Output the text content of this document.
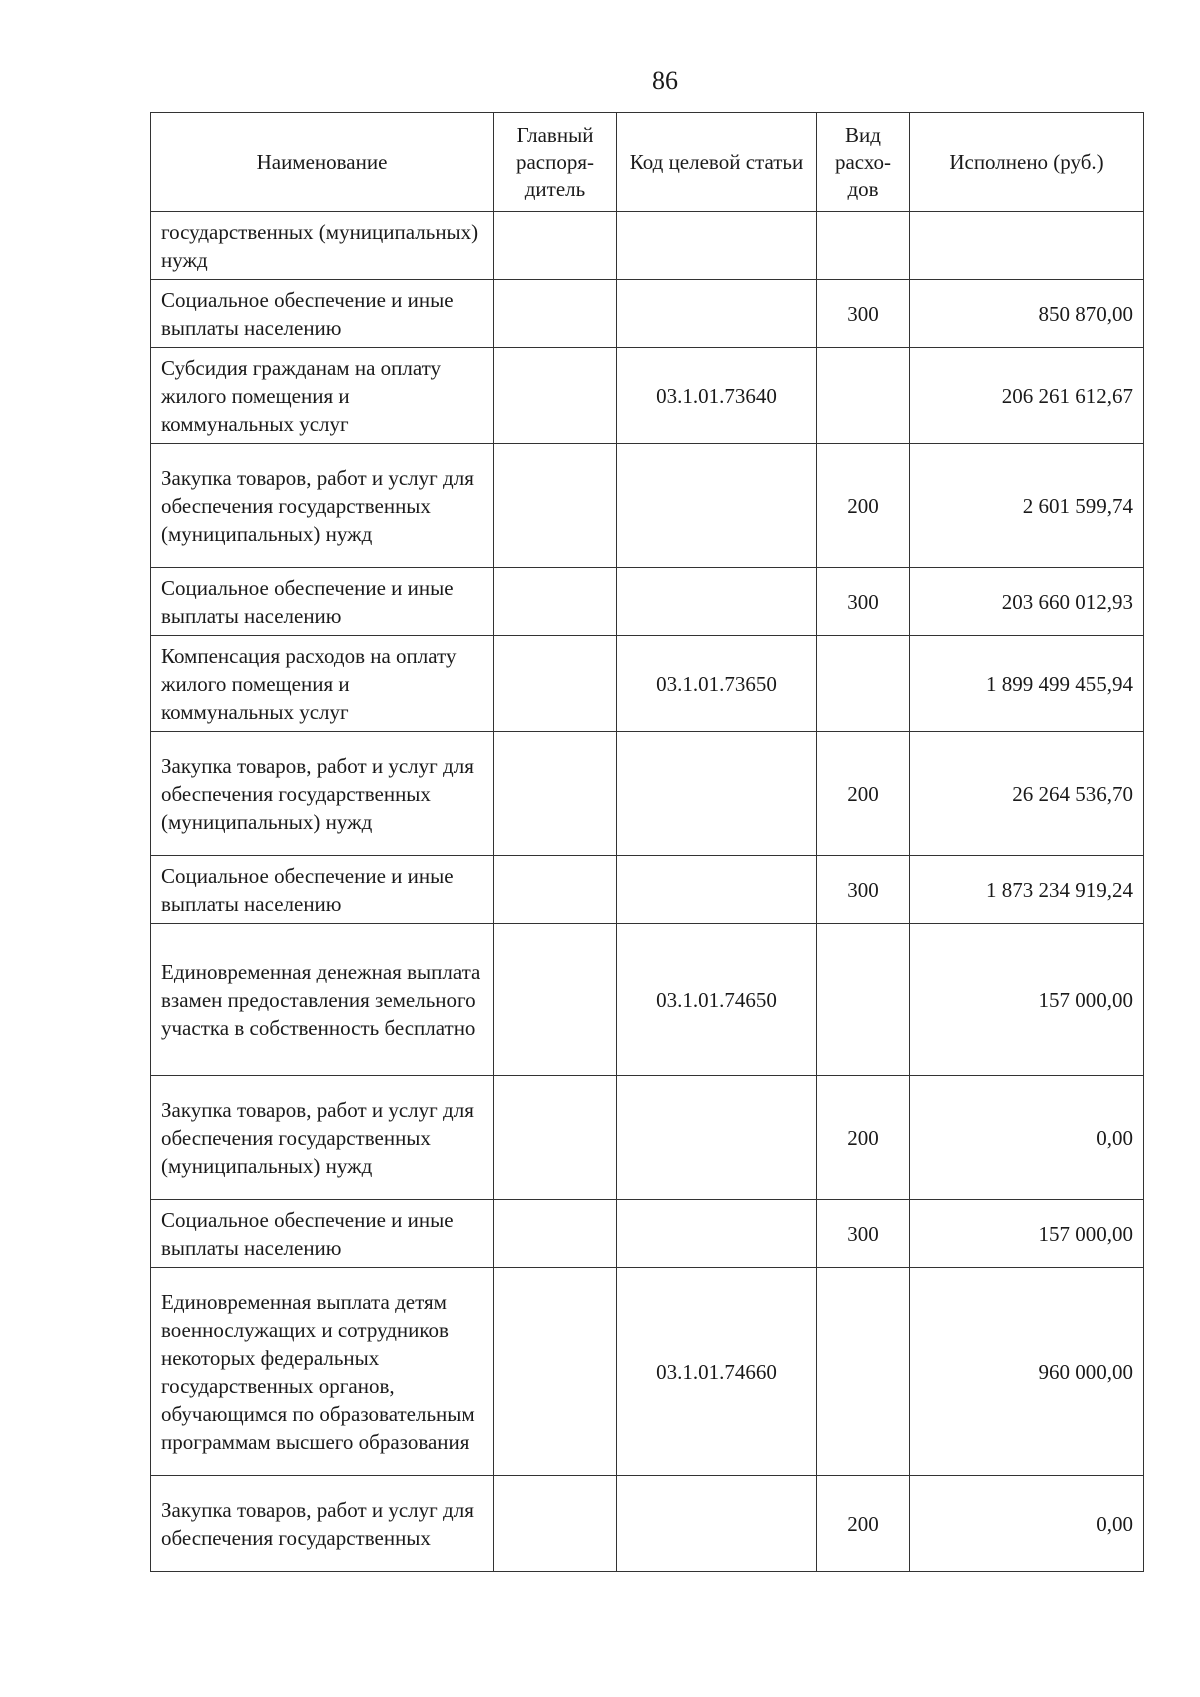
86
Наименование	Главный распоря-дитель	Код целевой статьи	Вид расхо-дов	Исполнено (руб.)
государственных (муниципальных) нужд				
Социальное обеспечение и иные выплаты населению			300	850 870,00
Субсидия гражданам на оплату жилого помещения и коммунальных услуг		03.1.01.73640		206 261 612,67
Закупка товаров, работ и услуг для обеспечения государственных (муниципальных) нужд			200	2 601 599,74
Социальное обеспечение и иные выплаты населению			300	203 660 012,93
Компенсация расходов на оплату жилого помещения и коммунальных услуг		03.1.01.73650		1 899 499 455,94
Закупка товаров, работ и услуг для обеспечения государственных (муниципальных) нужд			200	26 264 536,70
Социальное обеспечение и иные выплаты населению			300	1 873 234 919,24
Единовременная денежная выплата взамен предоставления земельного участка в собственность бесплатно		03.1.01.74650		157 000,00
Закупка товаров, работ и услуг для обеспечения государственных (муниципальных) нужд			200	0,00
Социальное обеспечение и иные выплаты населению			300	157 000,00
Единовременная выплата детям военнослужащих и сотрудников некоторых федеральных государственных органов, обучающимся по образовательным программам высшего образования		03.1.01.74660		960 000,00
Закупка товаров, работ и услуг для обеспечения государственных			200	0,00
